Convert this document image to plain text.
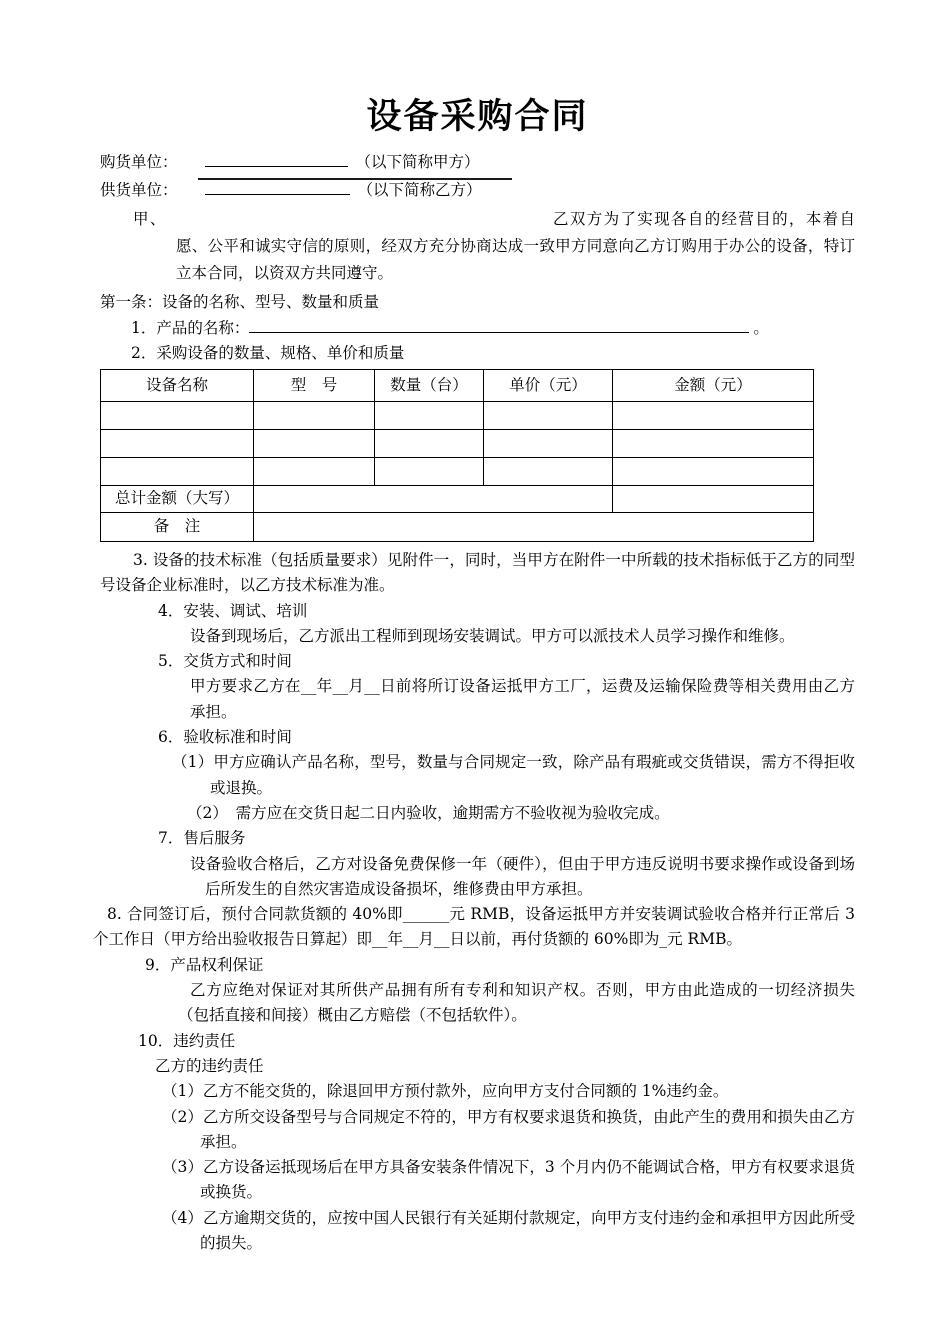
设备采购合同
购货单位：	（以下简称甲方）
供货单位：	（以下简称乙方）
甲、	乙双方为了实现各自的经营目的，本着自愿、公平和诚实守信的原则，经双方充分协商达成一致甲方同意向乙方订购用于办公的设备，特订立本合同，以资双方共同遵守。
第一条：设备的名称、型号、数量和质量
1．产品的名称：	。
2．采购设备的数量、规格、单价和质量
设备名称	型　号	数量（台）	单价（元）	金额（元）

总计金额（大写）				
备　注				
3. 设备的技术标准（包括质量要求）见附件一，同时，当甲方在附件一中所载的技术指标低于乙方的同型号设备企业标准时，以乙方技术标准为准。
4．安装、调试、培训
设备到现场后，乙方派出工程师到现场安装调试。甲方可以派技术人员学习操作和维修。
5．交货方式和时间
甲方要求乙方在__年__月__日前将所订设备运抵甲方工厂，运费及运输保险费等相关费用由乙方承担。
6．验收标准和时间
（1）甲方应确认产品名称，型号，数量与合同规定一致，除产品有瑕疵或交货错误，需方不得拒收或退换。
（2）　需方应在交货日起二日内验收，逾期需方不验收视为验收完成。
7．售后服务
设备验收合格后，乙方对设备免费保修一年（硬件），但由于甲方违反说明书要求操作或设备到场后所发生的自然灾害造成设备损坏，维修费由甲方承担。
8. 合同签订后，预付合同款货额的 40%即______元 RMB，设备运抵甲方并安装调试验收合格并行正常后 3 个工作日（甲方给出验收报告日算起）即__年__月__日以前，再付货额的 60%即为_元 RMB。
9．产品权利保证
乙方应绝对保证对其所供产品拥有所有专利和知识产权。否则，甲方由此造成的一切经济损失（包括直接和间接）概由乙方赔偿（不包括软件）。
10．违约责任
乙方的违约责任
（1）乙方不能交货的，除退回甲方预付款外，应向甲方支付合同额的 1%违约金。
（2）乙方所交设备型号与合同规定不符的，甲方有权要求退货和换货，由此产生的费用和损失由乙方承担。
（3）乙方设备运抵现场后在甲方具备安装条件情况下，3 个月内仍不能调试合格，甲方有权要求退货或换货。
（4）乙方逾期交货的，应按中国人民银行有关延期付款规定，向甲方支付违约金和承担甲方因此所受的损失。
